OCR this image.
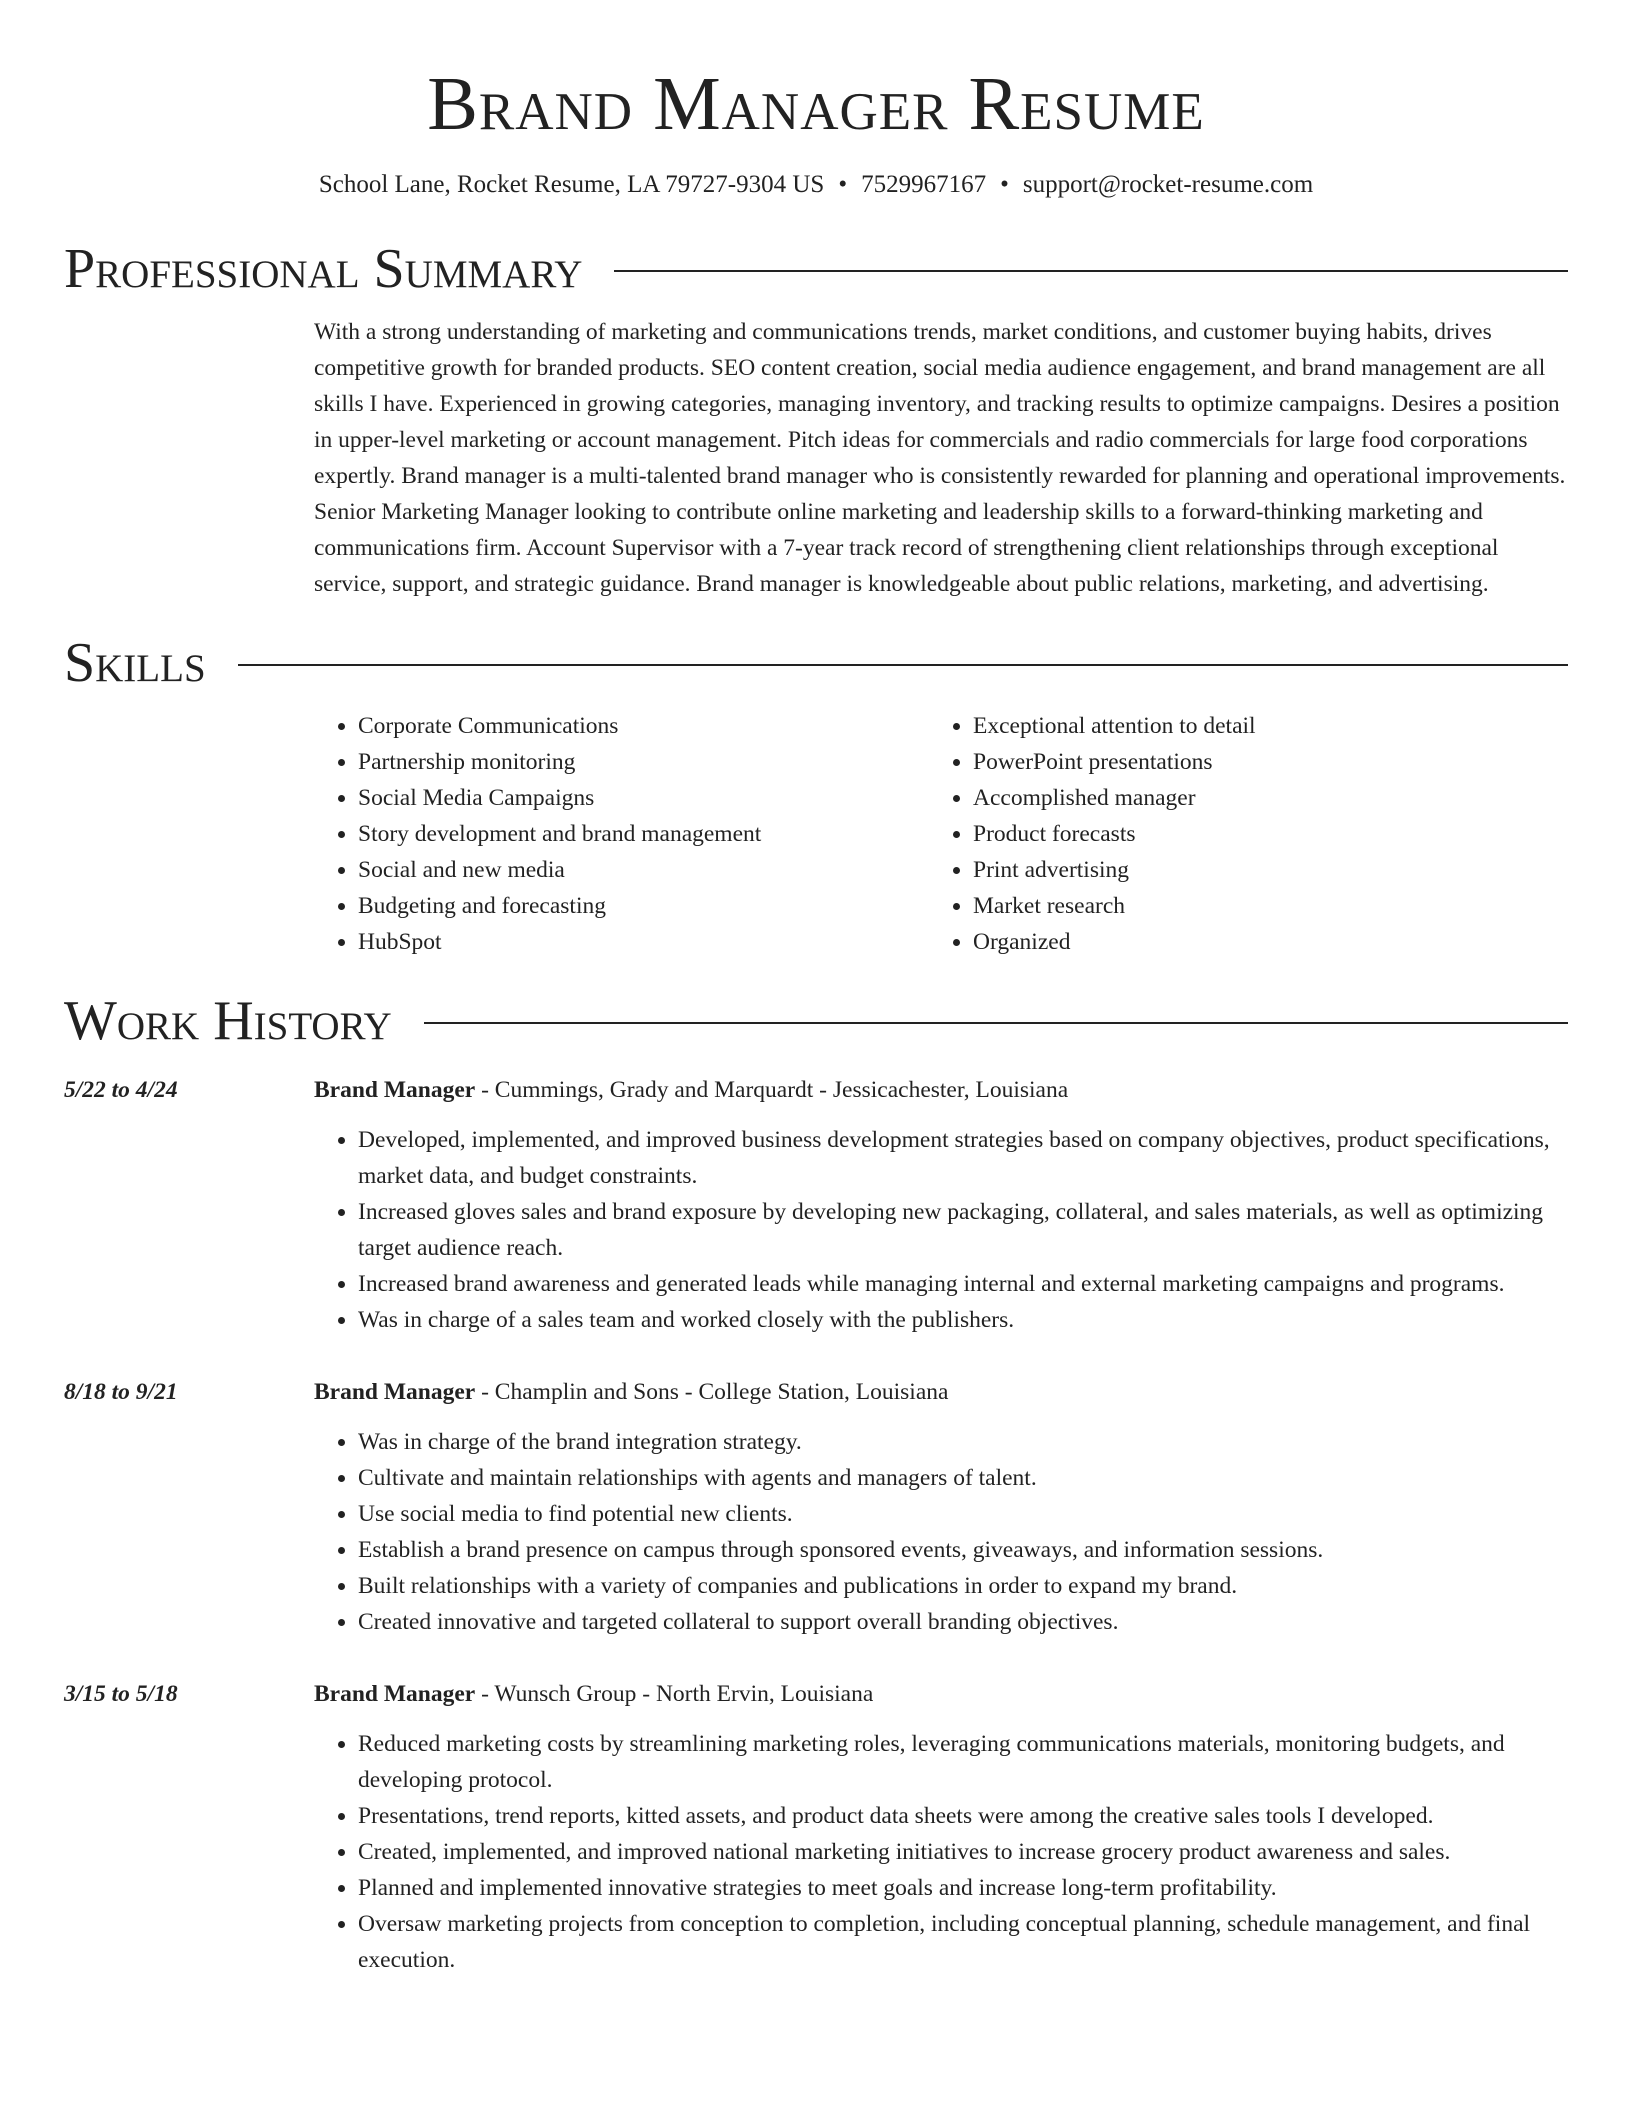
Brand Manager Resume
School Lane, Rocket Resume, LA 79727-9304 US • 7529967167 • support@rocket-resume.com
Professional Summary
With a strong understanding of marketing and communications trends, market conditions, and customer buying habits, drives competitive growth for branded products. SEO content creation, social media audience engagement, and brand management are all skills I have. Experienced in growing categories, managing inventory, and tracking results to optimize campaigns. Desires a position in upper-level marketing or account management. Pitch ideas for commercials and radio commercials for large food corporations expertly. Brand manager is a multi-talented brand manager who is consistently rewarded for planning and operational improvements. Senior Marketing Manager looking to contribute online marketing and leadership skills to a forward-thinking marketing and communications firm. Account Supervisor with a 7-year track record of strengthening client relationships through exceptional service, support, and strategic guidance. Brand manager is knowledgeable about public relations, marketing, and advertising.
Skills
• Corporate Communications
• Partnership monitoring
• Social Media Campaigns
• Story development and brand management
• Social and new media
• Budgeting and forecasting
• HubSpot
• Exceptional attention to detail
• PowerPoint presentations
• Accomplished manager
• Product forecasts
• Print advertising
• Market research
• Organized
Work History
5/22 to 4/24	Brand Manager - Cummings, Grady and Marquardt - Jessicachester, Louisiana
• Developed, implemented, and improved business development strategies based on company objectives, product specifications, market data, and budget constraints.
• Increased gloves sales and brand exposure by developing new packaging, collateral, and sales materials, as well as optimizing target audience reach.
• Increased brand awareness and generated leads while managing internal and external marketing campaigns and programs.
• Was in charge of a sales team and worked closely with the publishers.
8/18 to 9/21	Brand Manager - Champlin and Sons - College Station, Louisiana
• Was in charge of the brand integration strategy.
• Cultivate and maintain relationships with agents and managers of talent.
• Use social media to find potential new clients.
• Establish a brand presence on campus through sponsored events, giveaways, and information sessions.
• Built relationships with a variety of companies and publications in order to expand my brand.
• Created innovative and targeted collateral to support overall branding objectives.
3/15 to 5/18	Brand Manager - Wunsch Group - North Ervin, Louisiana
• Reduced marketing costs by streamlining marketing roles, leveraging communications materials, monitoring budgets, and developing protocol.
• Presentations, trend reports, kitted assets, and product data sheets were among the creative sales tools I developed.
• Created, implemented, and improved national marketing initiatives to increase grocery product awareness and sales.
• Planned and implemented innovative strategies to meet goals and increase long-term profitability.
• Oversaw marketing projects from conception to completion, including conceptual planning, schedule management, and final execution.
